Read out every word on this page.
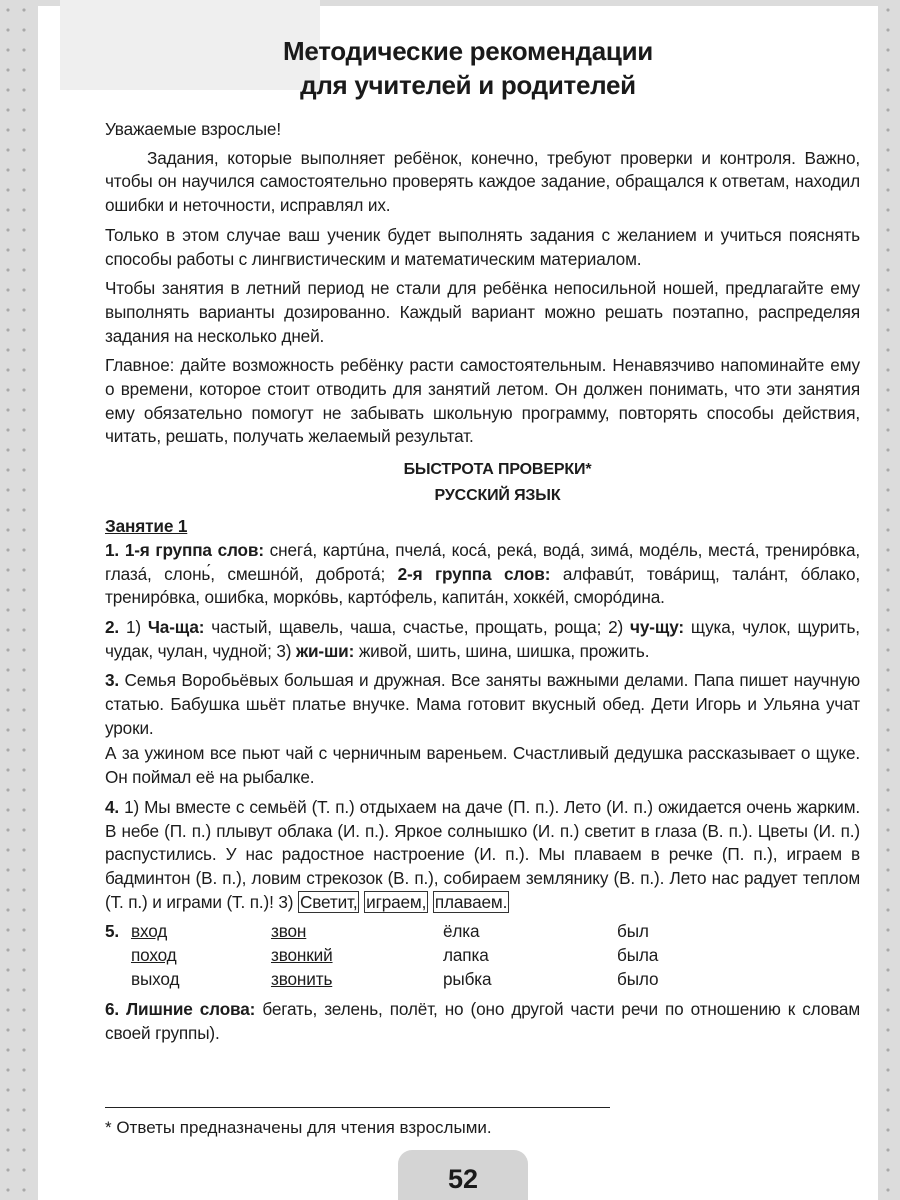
Методические рекомендации
для учителей и родителей

Уважаемые взрослые!

Задания, которые выполняет ребёнок, конечно, требуют проверки и контроля. Важно, чтобы он научился самостоятельно проверять каждое задание, обращался к ответам, находил ошибки и неточности, исправлял их.

Только в этом случае ваш ученик будет выполнять задания с желанием и учиться пояснять способы работы с лингвистическим и математическим материалом.

Чтобы занятия в летний период не стали для ребёнка непосильной ношей, предлагайте ему выполнять варианты дозированно. Каждый вариант можно решать поэтапно, распределяя задания на несколько дней.

Главное: дайте возможность ребёнку расти самостоятельным. Ненавязчиво напоминайте ему о времени, которое стоит отводить для занятий летом. Он должен понимать, что эти занятия ему обязательно помогут не забывать школьную программу, повторять способы действия, читать, решать, получать желаемый результат.

БЫСТРОТА ПРОВЕРКИ*
РУССКИЙ ЯЗЫК
Занятие 1

1. 1-я группа слов: снегá, картúна, пчелá, косá, рекá, водá, зимá, модéль, местá, трениpóвка, глазá, слонь́, смешнóй, добротá; 2-я группа слов: алфавúт, товáрищ, талáнт, óблако, тренирóвка, ошибка, морко́вь, картóфель, капитáн, хоккéй, сморóдина.

2. 1) Ча-ща: частый, щавель, чаша, счастье, прощать, роща; 2) чу-щу: щука, чулок, щурить, чудак, чулан, чудной; 3) жи-ши: живой, шить, шина, шишка, прожить.

3. Семья Воробьёвых большая и дружная. Все заняты важными делами. Папа пишет научную статью. Бабушка шьёт платье внучке. Мама готовит вкусный обед. Дети Игорь и Ульяна учат уроки.

А за ужином все пьют чай с черничным вареньем. Счастливый дедушка рассказывает о щуке. Он поймал её на рыбалке.

4. 1) Мы вместе с семьёй (Т. п.) отдыхаем на даче (П. п.). Лето (И. п.) ожидается очень жарким. В небе (П. п.) плывут облака (И. п.). Яркое солнышко (И. п.) светит в глаза (В. п.). Цветы (И. п.) распустились. У нас радостное настроение (И. п.). Мы плаваем в речке (П. п.), играем в бадминтон (В. п.), ловим стрекозок (В. п.), собираем землянику (В. п.). Лето нас радует теплом (Т. п.) и играми (Т. п.)! 3) Светит, играем, плаваем.

5. вход
поход
выход
звон
звонкий
звонить
ёлка
лапка
рыбка
был
была
было

6. Лишние слова: бегать, зелень, полёт, но (оно другой части речи по отношению к словам своей группы).

* Ответы предназначены для чтения взрослыми.
52
